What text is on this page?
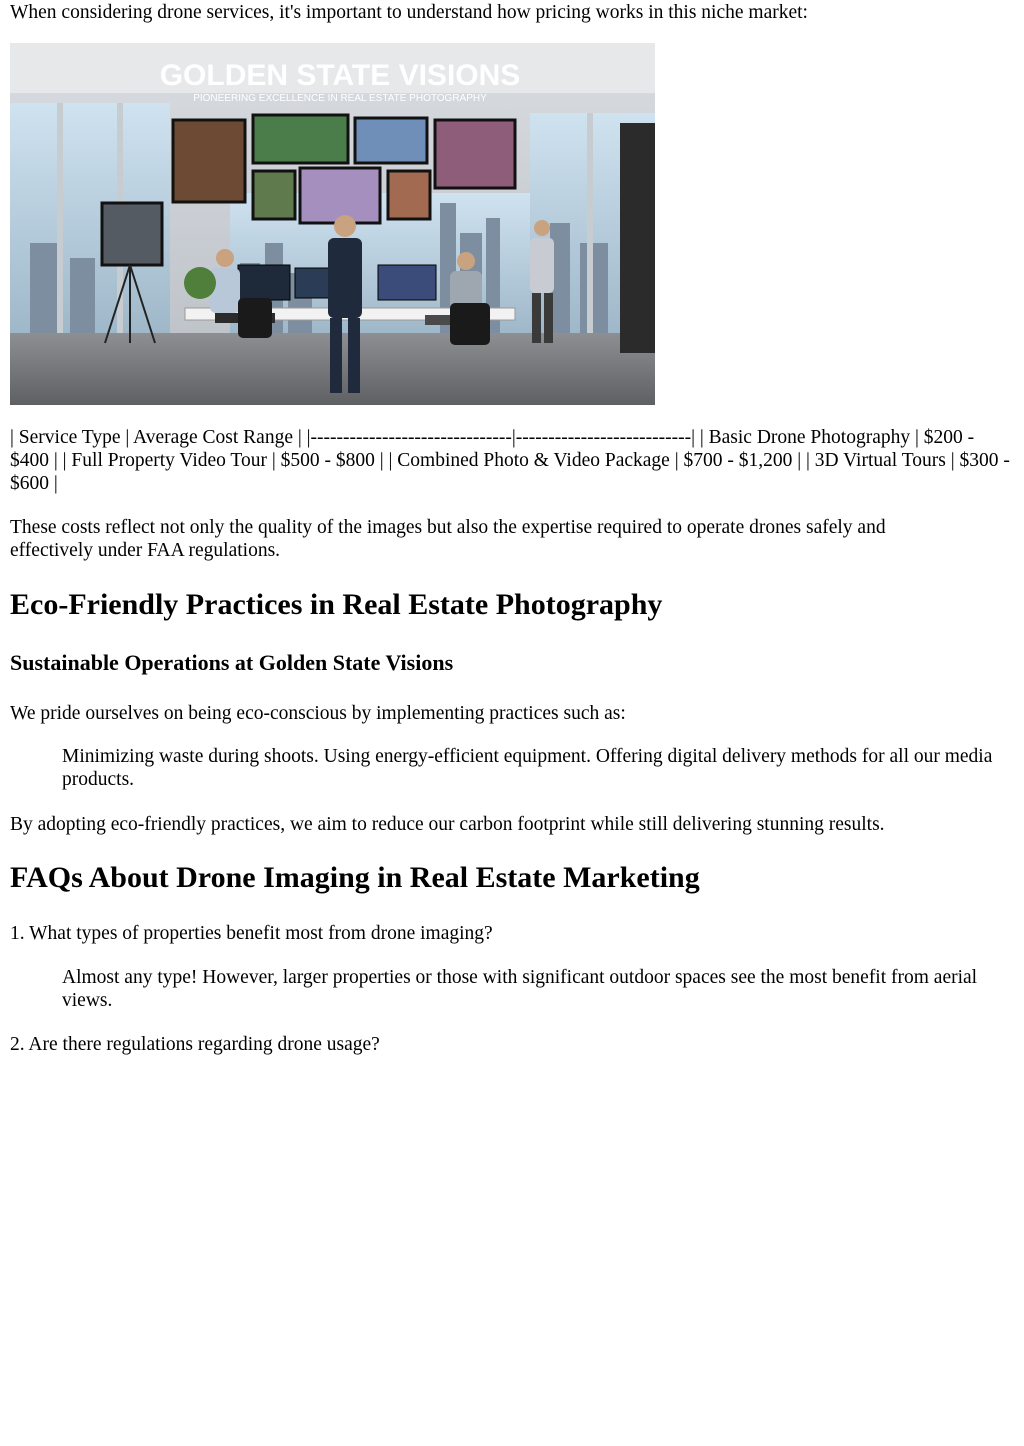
When considering drone services, it's important to understand how pricing works in this niche market:

GOLDEN STATE VISIONS
PIONEERING EXCELLENCE IN REAL ESTATE PHOTOGRAPHY

| Service Type | Average Cost Range | |-------------------------------|---------------------------| | Basic Drone Photography | $200 - $400 | | Full Property Video Tour | $500 - $800 | | Combined Photo & Video Package | $700 - $1,200 | | 3D Virtual Tours | $300 - $600 |

These costs reflect not only the quality of the images but also the expertise required to operate drones safely and effectively under FAA regulations.

Eco-Friendly Practices in Real Estate Photography
Sustainable Operations at Golden State Visions

We pride ourselves on being eco-conscious by implementing practices such as:

Minimizing waste during shoots. Using energy-efficient equipment. Offering digital delivery methods for all our media products.

By adopting eco-friendly practices, we aim to reduce our carbon footprint while still delivering stunning results.

FAQs About Drone Imaging in Real Estate Marketing

1. What types of properties benefit most from drone imaging?

Almost any type! However, larger properties or those with significant outdoor spaces see the most benefit from aerial views.

2. Are there regulations regarding drone usage?
